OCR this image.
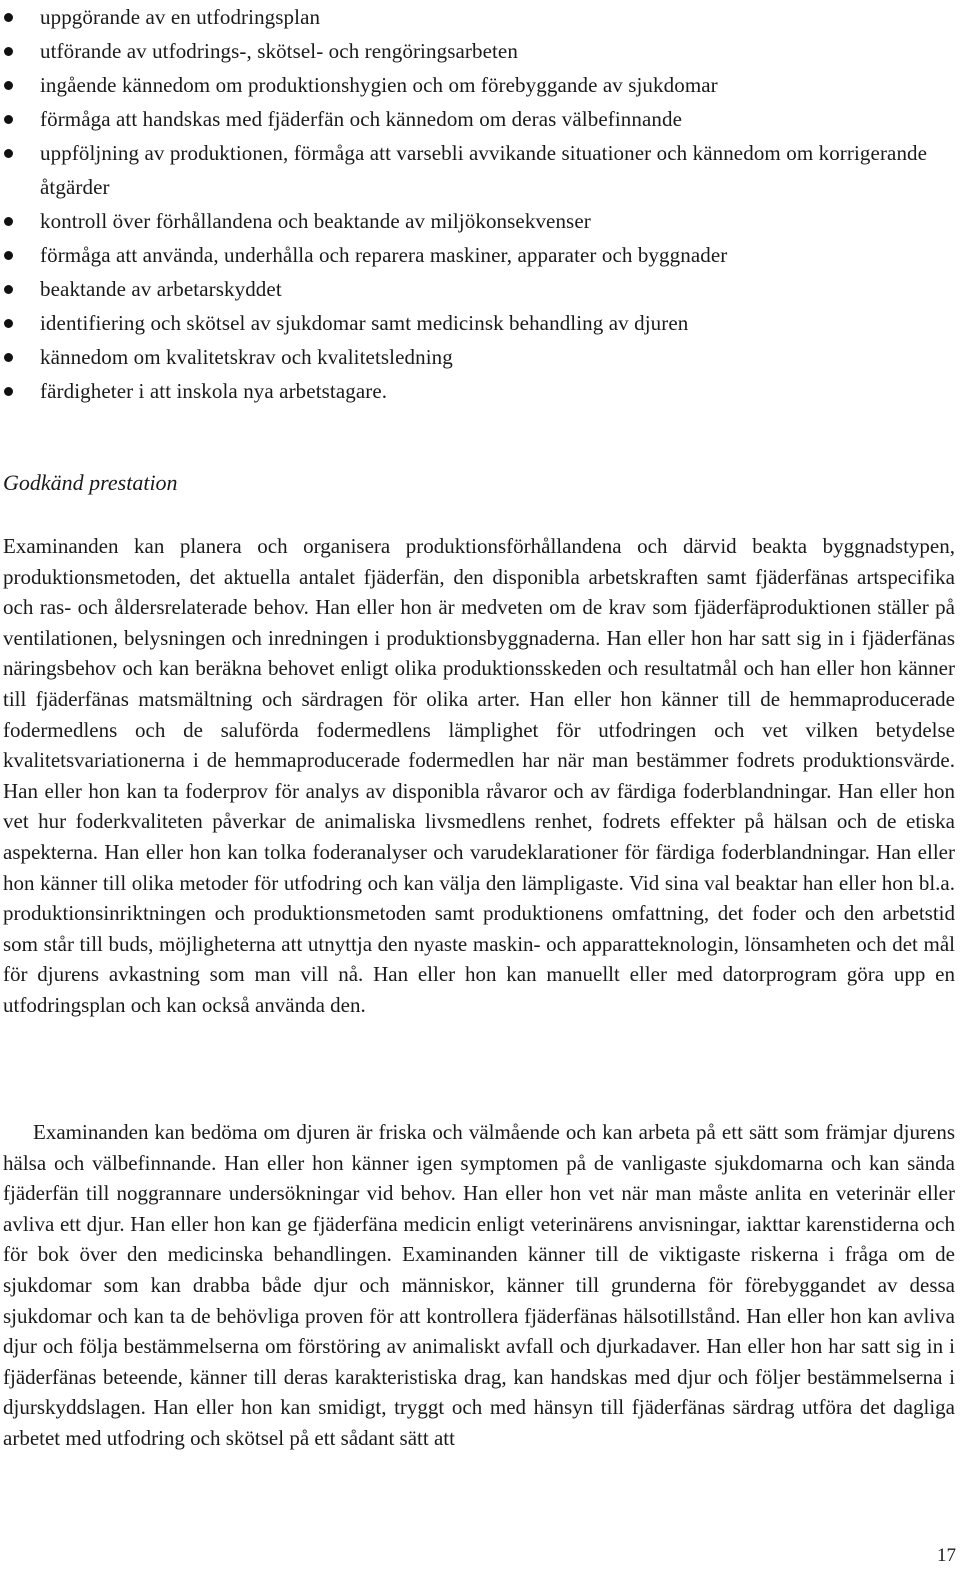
uppgörande av en utfodringsplan
utförande av utfodrings-, skötsel- och rengöringsarbeten
ingående kännedom om produktionshygien och om förebyggande av sjukdomar
förmåga att handskas med fjäderfän och kännedom om deras välbefinnande
uppföljning av produktionen, förmåga att varsebli avvikande situationer och kännedom om korrigerande åtgärder
kontroll över förhållandena och beaktande av miljökonsekvenser
förmåga att använda, underhålla och reparera maskiner, apparater och byggnader
beaktande av arbetarskyddet
identifiering och skötsel av sjukdomar samt medicinsk behandling av djuren
kännedom om kvalitetskrav och kvalitetsledning
färdigheter i att inskola nya arbetstagare.
Godkänd prestation

Examinanden kan planera och organisera produktionsförhållandena och därvid beakta byggnadstypen, produktionsmetoden, det aktuella antalet fjäderfän, den disponibla arbetskraften samt fjäderfänas artspecifika och ras- och åldersrelaterade behov. Han eller hon är medveten om de krav som fjäderfäproduktionen ställer på ventilationen, belysningen och inredningen i produktionsbyggnaderna. Han eller hon har satt sig in i fjäderfänas näringsbehov och kan beräkna behovet enligt olika produktionsskeden och resultatmål och han eller hon känner till fjäderfänas matsmältning och särdragen för olika arter. Han eller hon känner till de hemmaproducerade fodermedlens och de saluförda fodermedlens lämplighet för utfodringen och vet vilken betydelse kvalitetsvariationerna i de hemmaproducerade fodermedlen har när man bestämmer fodrets produktionsvärde. Han eller hon kan ta foderprov för analys av disponibla råvaror och av färdiga foderblandningar. Han eller hon vet hur foderkvaliteten påverkar de animaliska livsmedlens renhet, fodrets effekter på hälsan och de etiska aspekterna. Han eller hon kan tolka foderanalyser och varudeklarationer för färdiga foderblandningar. Han eller hon känner till olika metoder för utfodring och kan välja den lämpligaste. Vid sina val beaktar han eller hon bl.a. produktionsinriktningen och produktionsmetoden samt produktionens omfattning, det foder och den arbetstid som står till buds, möjligheterna att utnyttja den nyaste maskin- och apparatteknologin, lönsamheten och det mål för djurens avkastning som man vill nå. Han eller hon kan manuellt eller med datorprogram göra upp en utfodringsplan och kan också använda den.

Examinanden kan bedöma om djuren är friska och välmående och kan arbeta på ett sätt som främjar djurens hälsa och välbefinnande. Han eller hon känner igen symptomen på de vanligaste sjukdomarna och kan sända fjäderfän till noggrannare undersökningar vid behov. Han eller hon vet när man måste anlita en veterinär eller avliva ett djur. Han eller hon kan ge fjäderfäna medicin enligt veterinärens anvisningar, iakttar karenstiderna och för bok över den medicinska behandlingen. Examinanden känner till de viktigaste riskerna i fråga om de sjukdomar som kan drabba både djur och människor, känner till grunderna för förebyggandet av dessa sjukdomar och kan ta de behövliga proven för att kontrollera fjäderfänas hälsotillstånd. Han eller hon kan avliva djur och följa bestämmelserna om förstöring av animaliskt avfall och djurkadaver. Han eller hon har satt sig in i fjäderfänas beteende, känner till deras karakteristiska drag, kan handskas med djur och följer bestämmelserna i djurskyddslagen. Han eller hon kan smidigt, tryggt och med hänsyn till fjäderfänas särdrag utföra det dagliga arbetet med utfodring och skötsel på ett sådant sätt att

17
